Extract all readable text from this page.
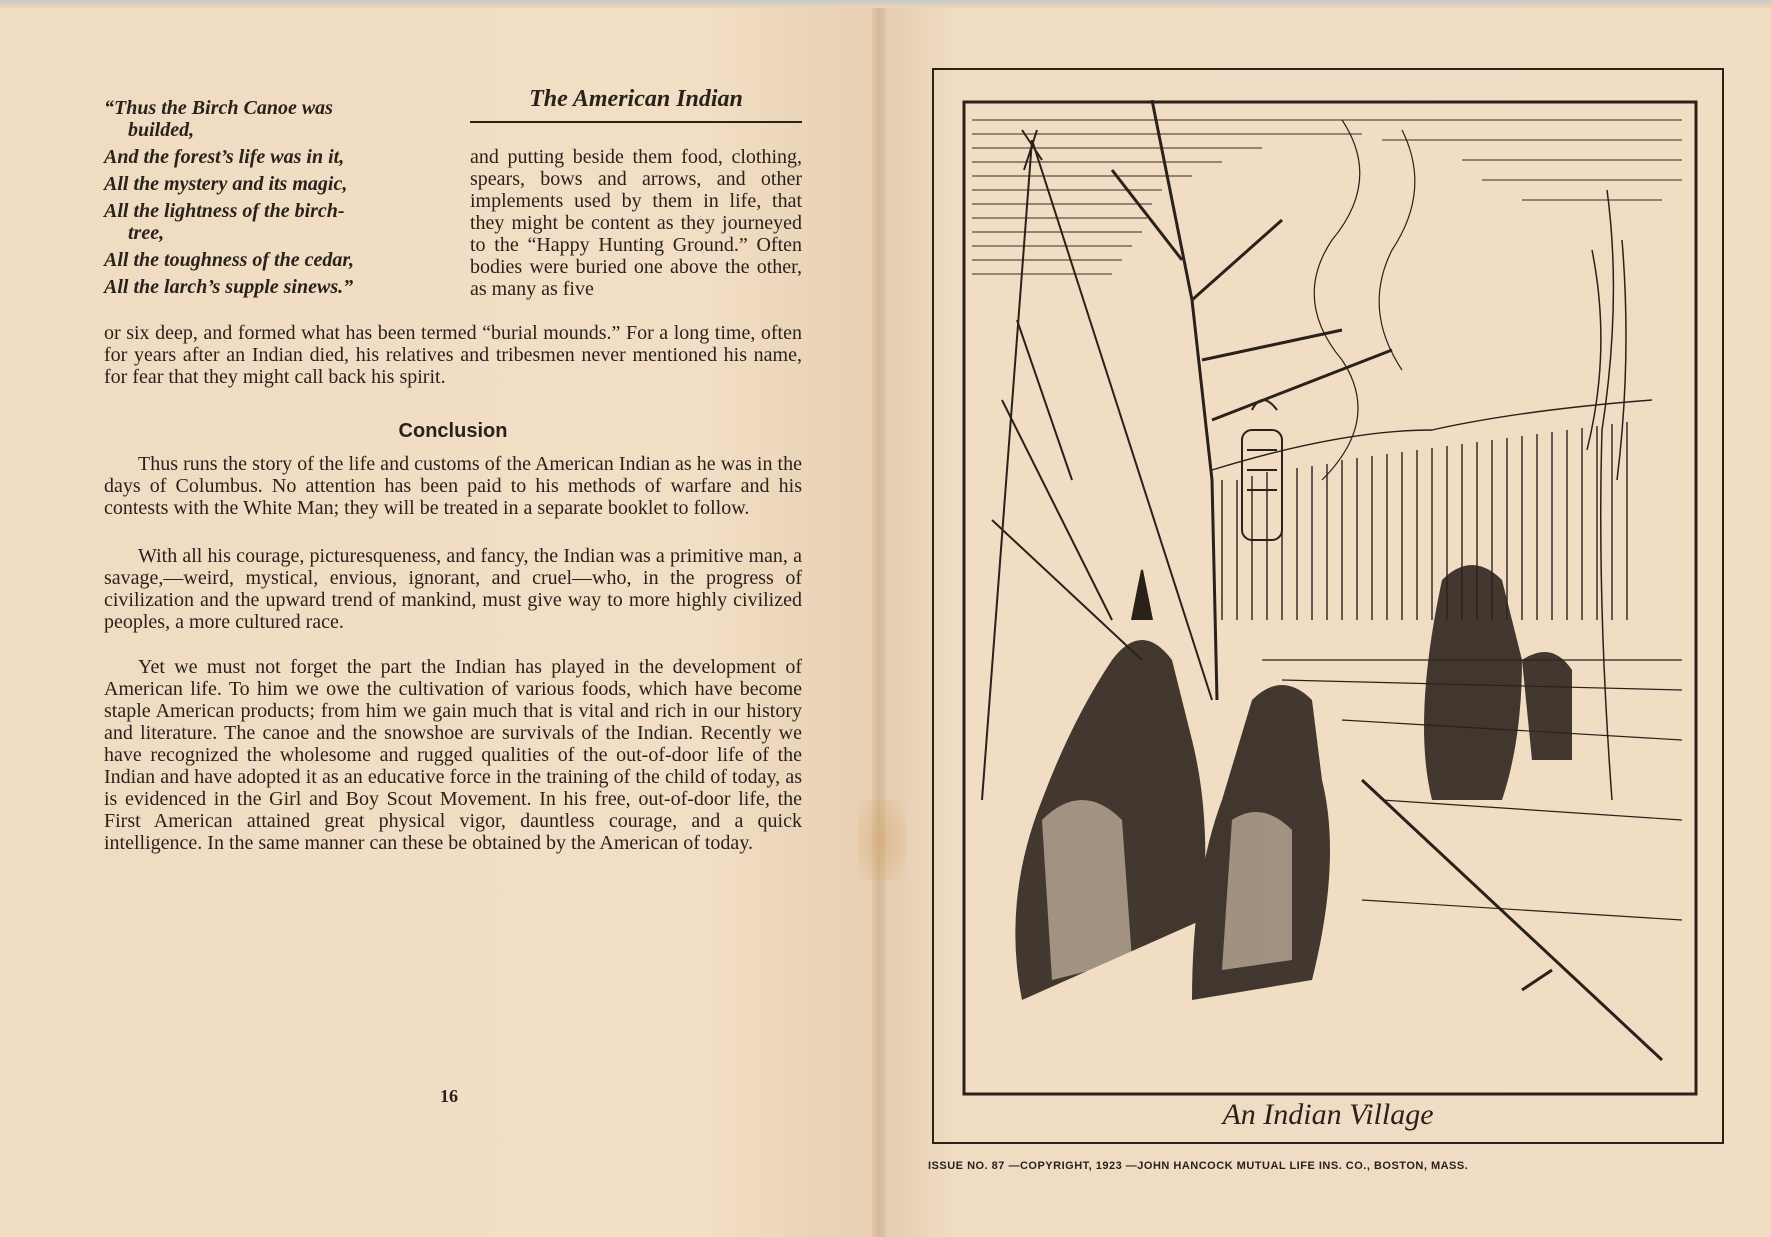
“Thus the Birch Canoe was
builded,
And the forest’s life was in it,
All the mystery and its magic,
All the lightness of the birch-
tree,
All the toughness of the cedar,
All the larch’s supple sinews.”
The American Indian
and putting beside them food, clothing, spears, bows and arrows, and other implements used by them in life, that they might be content as they journeyed to the “Happy Hunting Ground.” Often bodies were buried one above the other, as many as five
or six deep, and formed what has been termed “burial mounds.” For a long time, often for years after an Indian died, his relatives and tribesmen never mentioned his name, for fear that they might call back his spirit.
Conclusion
Thus runs the story of the life and customs of the American Indian as he was in the days of Columbus. No attention has been paid to his methods of warfare and his contests with the White Man; they will be treated in a separate booklet to follow.
With all his courage, picturesqueness, and fancy, the Indian was a primitive man, a savage,—weird, mystical, envious, ignorant, and cruel—who, in the progress of civilization and the upward trend of mankind, must give way to more highly civilized peoples, a more cultured race.
Yet we must not forget the part the Indian has played in the development of American life. To him we owe the cultivation of various foods, which have become staple American products; from him we gain much that is vital and rich in our history and literature. The canoe and the snowshoe are survivals of the Indian. Recently we have recognized the wholesome and rugged qualities of the out-of-door life of the Indian and have adopted it as an educative force in the training of the child of today, as is evidenced in the Girl and Boy Scout Movement. In his free, out-of-door life, the First American attained great physical vigor, dauntless courage, and a quick intelligence. In the same manner can these be obtained by the American of today.
16
An Indian Village
ISSUE NO. 87 —COPYRIGHT, 1923 —JOHN HANCOCK MUTUAL LIFE INS. CO., BOSTON, MASS.
